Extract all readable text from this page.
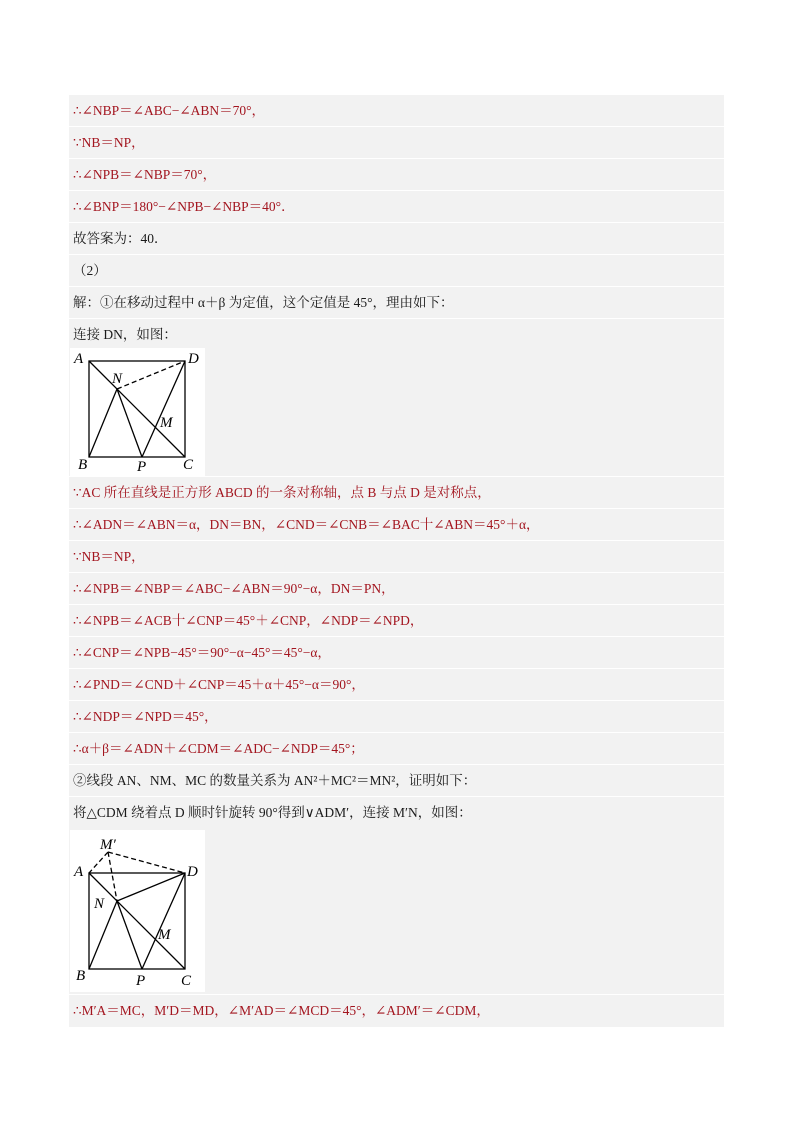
∴∠NBP＝∠ABC−∠ABN＝70°，
∵NB＝NP，
∴∠NPB＝∠NBP＝70°，
∴∠BNP＝180°−∠NPB−∠NBP＝40°．
故答案为：40．
（2）
解：①在移动过程中 α＋β 为定值，这个定值是 45°，理由如下：
连接 DN，如图：
A	D
N
M
B	P C
∵AC 所在直线是正方形 ABCD 的一条对称轴，点 B 与点 D 是对称点，
∴∠ADN＝∠ABN＝α，DN＝BN，∠CND＝∠CNB＝∠BAC十∠ABN＝45°＋α，
∵NB＝NP，
∴∠NPB＝∠NBP＝∠ABC−∠ABN＝90°−α，DN＝PN，
∴∠NPB＝∠ACB十∠CNP＝45°＋∠CNP，∠NDP＝∠NPD，
∴∠CNP＝∠NPB−45°＝90°−α−45°＝45°−α，
∴∠PND＝∠CND＋∠CNP＝45＋α＋45°−α＝90°，
∴∠NDP＝∠NPD＝45°，
∴α＋β＝∠ADN＋∠CDM＝∠ADC−∠NDP＝45°；
②线段 AN、NM、MC 的数量关系为 AN²＋MC²＝MN²，证明如下：
将△CDM 绕着点 D 顺时针旋转 90°得到∨ADM′，连接 M′N，如图：
M′
A	D
N
M
B	P C
∴M′A＝MC，M′D＝MD，∠M′AD＝∠MCD＝45°，∠ADM′＝∠CDM，
